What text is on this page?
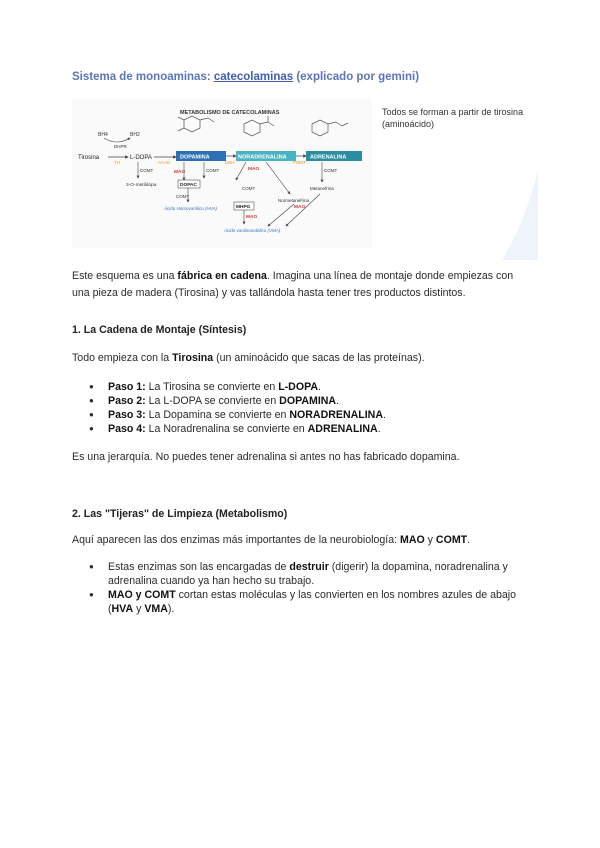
Sistema de monoaminas: catecolaminas (explicado por gemini)
METABOLISMO DE CATECOLAMINAS
BH4	BH2
DHPR
Tirosina
TH
L-DOPA
AAAD
DOPAMINA
DBH
NORADRENALINA
PNMT
ADRENALINA
COMT
3-O-metildopa
MAO
DOPAC
COMT
COMT
Ácido Homovanílico (HVA)
MAO
COMT
Normetanefrina
MHPG
MAO
Ácido vanilmandélico (VMA)
COMT
Metanefrina
MAO
Todos se forman a partir de tirosina (aminoácido)
Este esquema es una fábrica en cadena. Imagina una línea de montaje donde empiezas con una pieza de madera (Tirosina) y vas tallándola hasta tener tres productos distintos.
1. La Cadena de Montaje (Síntesis)
Todo empieza con la Tirosina (un aminoácido que sacas de las proteínas).
● Paso 1: La Tirosina se convierte en L-DOPA.
● Paso 2: La L-DOPA se convierte en DOPAMINA.
● Paso 3: La Dopamina se convierte en NORADRENALINA.
● Paso 4: La Noradrenalina se convierte en ADRENALINA.
Es una jerarquía. No puedes tener adrenalina si antes no has fabricado dopamina.
2. Las "Tijeras" de Limpieza (Metabolismo)
Aquí aparecen las dos enzimas más importantes de la neurobiología: MAO y COMT.
● Estas enzimas son las encargadas de destruir (digerir) la dopamina, noradrenalina y adrenalina cuando ya han hecho su trabajo.
● MAO y COMT cortan estas moléculas y las convierten en los nombres azules de abajo (HVA y VMA).
